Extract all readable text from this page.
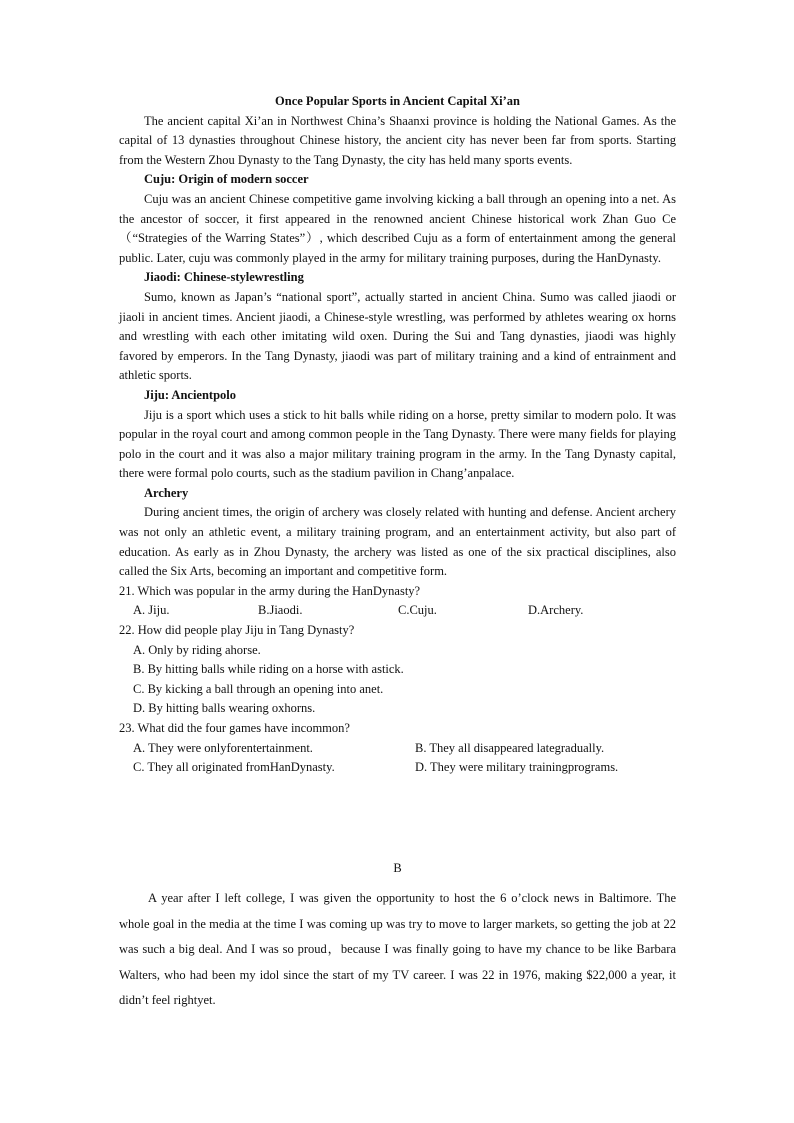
Once Popular Sports in Ancient Capital Xi’an

The ancient capital Xi’an in Northwest China’s Shaanxi province is holding the National Games. As the capital of 13 dynasties throughout Chinese history, the ancient city has never been far from sports. Starting from the Western Zhou Dynasty to the Tang Dynasty, the city has held many sports events.

Cuju: Origin of modern soccer

Cuju was an ancient Chinese competitive game involving kicking a ball through an opening into a net. As the ancestor of soccer, it first appeared in the renowned ancient Chinese historical work Zhan Guo Ce （“Strategies of the Warring States”）, which described Cuju as a form of entertainment among the general public. Later, cuju was commonly played in the army for military training purposes, during the HanDynasty.

Jiaodi: Chinese-stylewrestling

Sumo, known as Japan’s “national sport”, actually started in ancient China. Sumo was called jiaodi or jiaoli in ancient times. Ancient jiaodi, a Chinese-style wrestling, was performed by athletes wearing ox horns and wrestling with each other imitating wild oxen. During the Sui and Tang dynasties, jiaodi was highly favored by emperors. In the Tang Dynasty, jiaodi was part of military training and a kind of entrainment and athletic sports.

Jiju: Ancientpolo

Jiju is a sport which uses a stick to hit balls while riding on a horse, pretty similar to modern polo. It was popular in the royal court and among common people in the Tang Dynasty. There were many fields for playing polo in the court and it was also a major military training program in the army. In the Tang Dynasty capital, there were formal polo courts, such as the stadium pavilion in Chang’anpalace.

Archery

During ancient times, the origin of archery was closely related with hunting and defense. Ancient archery was not only an athletic event, a military training program, and an entertainment activity, but also part of education. As early as in Zhou Dynasty, the archery was listed as one of the six practical disciplines, also called the Six Arts, becoming an important and competitive form.

21. Which was popular in the army during the HanDynasty?

A. Jiju.	B.Jiaodi.	C.Cuju.	D.Archery.

22. How did people play Jiju in Tang Dynasty?

A. Only by riding ahorse.

B. By hitting balls while riding on a horse with astick.

C. By kicking a ball through an opening into anet.

D. By hitting balls wearing oxhorns.

23. What did the four games have incommon?

A. They were onlyforentertainment.	B. They all disappeared lategradually.

C. They all originated fromHanDynasty.	D. They were military trainingprograms.

B

A year after I left college, I was given the opportunity to host the 6 o’clock news in Baltimore. The whole goal in the media at the time I was coming up was try to move to larger markets, so getting the job at 22 was such a big deal. And I was so proud，because I was finally going to have my chance to be like Barbara Walters, who had been my idol since the start of my TV career. I was 22 in 1976, making $22,000 a year, it didn’t feel rightyet.
